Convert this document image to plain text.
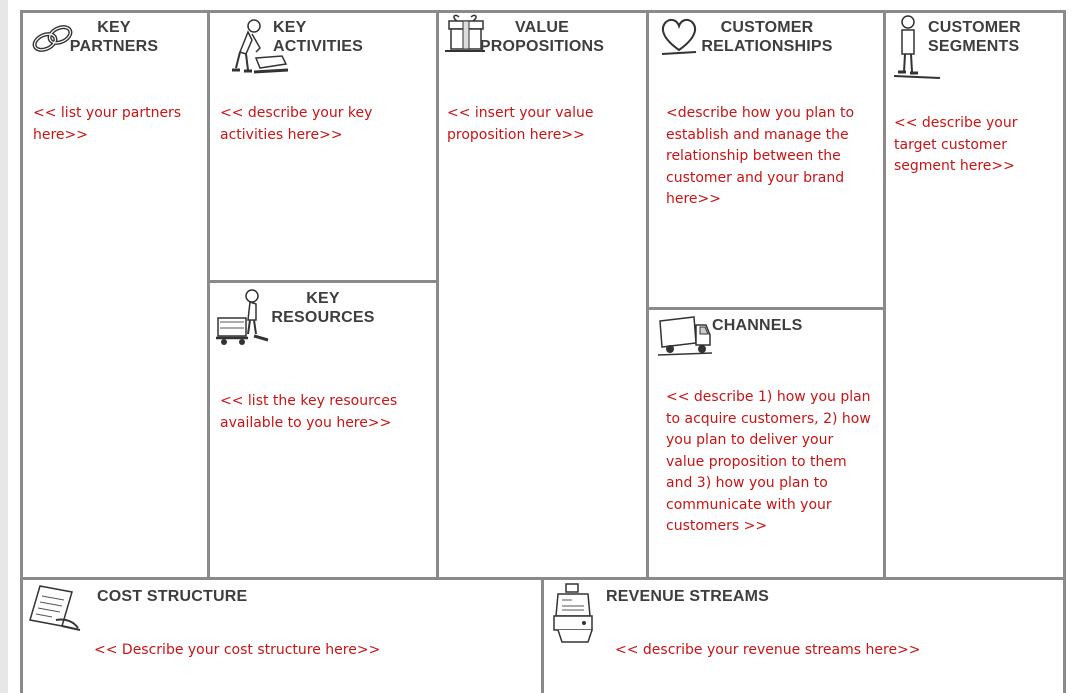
KEY
PARTNERS
<< list your partners here>>
KEY
ACTIVITIES
<< describe your key activities here>>
KEY
RESOURCES
<< list the key resources available to you here>>
VALUE
PROPOSITIONS
<< insert your value proposition here>>
CUSTOMER
RELATIONSHIPS
<describe how you plan to establish and manage the relationship between the customer and your brand here>>
CHANNELS
<< describe 1) how you plan to acquire customers, 2) how you plan to deliver your value proposition to them and 3) how you plan to communicate with your customers >>
CUSTOMER
SEGMENTS
<< describe your target customer segment here>>
COST STRUCTURE
<< Describe your cost structure here>>
REVENUE STREAMS
<< describe your revenue streams here>>
